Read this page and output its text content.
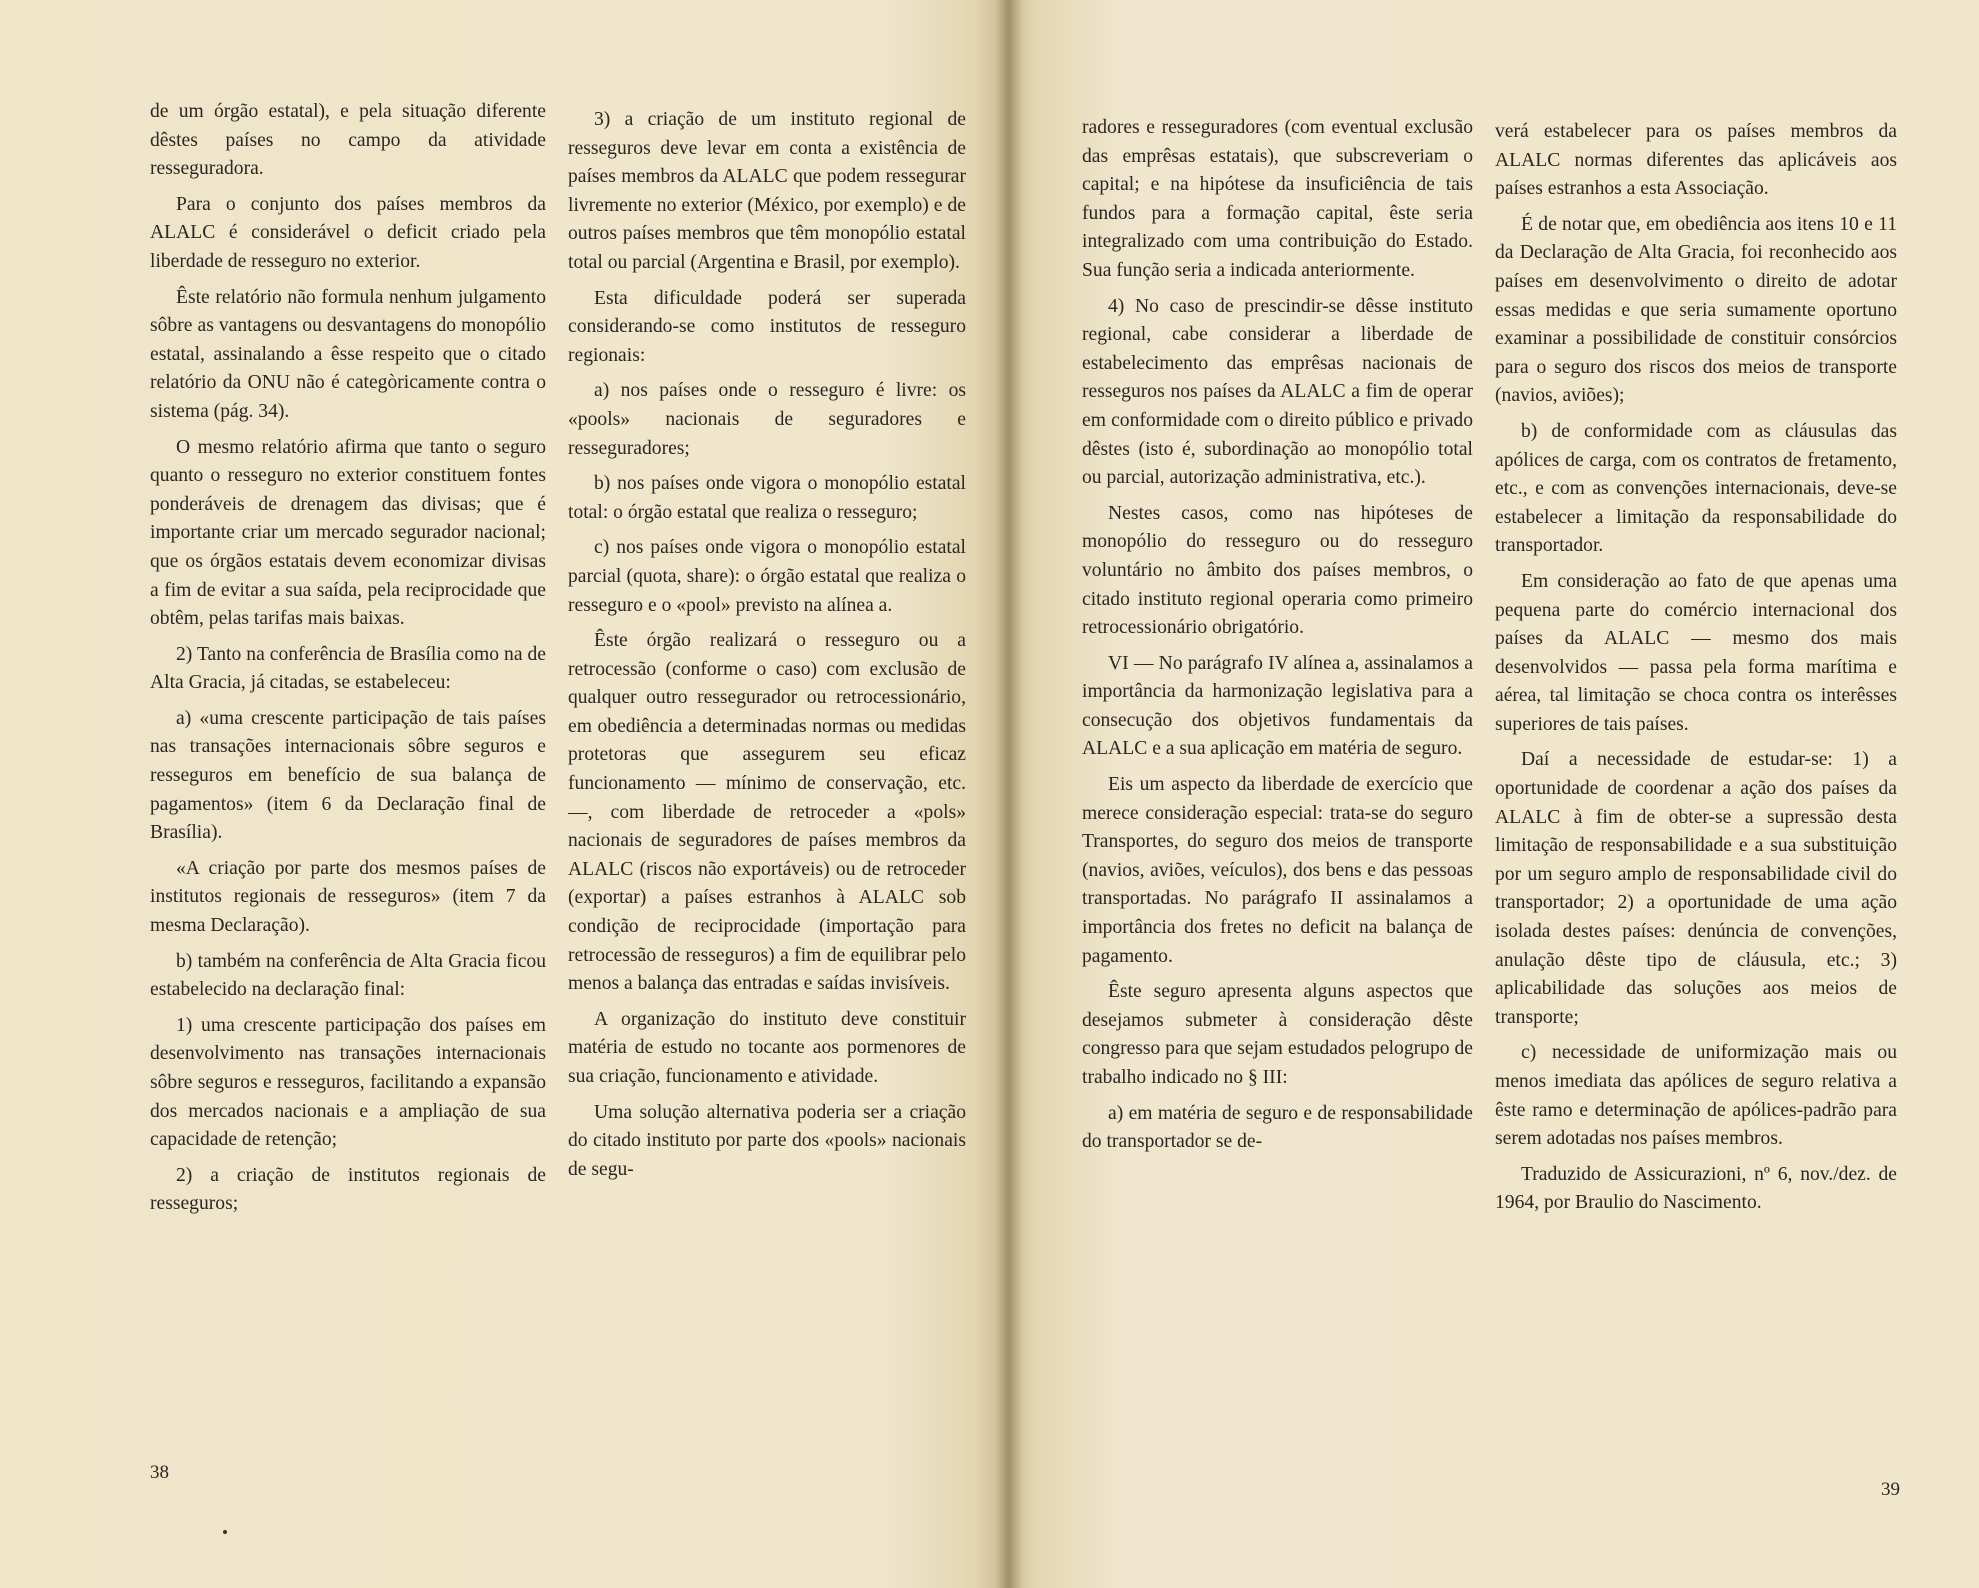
de um órgão estatal), e pela situação diferente dêstes países no campo da atividade resseguradora.

Para o conjunto dos países membros da ALALC é considerável o deficit criado pela liberdade de resseguro no exterior.

Êste relatório não formula nenhum julgamento sôbre as vantagens ou desvantagens do monopólio estatal, assinalando a êsse respeito que o citado relatório da ONU não é categòricamente contra o sistema (pág. 34).

O mesmo relatório afirma que tanto o seguro quanto o resseguro no exterior constituem fontes ponderáveis de drenagem das divisas; que é importante criar um mercado segurador nacional; que os órgãos estatais devem economizar divisas a fim de evitar a sua saída, pela reciprocidade que obtêm, pelas tarifas mais baixas.

2) Tanto na conferência de Brasília como na de Alta Gracia, já citadas, se estabeleceu:

a) «uma crescente participação de tais países nas transações internacionais sôbre seguros e resseguros em benefício de sua balança de pagamentos» (item 6 da Declaração final de Brasília).

«A criação por parte dos mesmos países de institutos regionais de resseguros» (item 7 da mesma Declaração).

b) também na conferência de Alta Gracia ficou estabelecido na declaração final:

1) uma crescente participação dos países em desenvolvimento nas transações internacionais sôbre seguros e resseguros, facilitando a expansão dos mercados nacionais e a ampliação de sua capacidade de retenção;

2) a criação de institutos regionais de resseguros;

3) a criação de um instituto regional de resseguros deve levar em conta a existência de países membros da ALALC que podem ressegurar livremente no exterior (México, por exemplo) e de outros países membros que têm monopólio estatal total ou parcial (Argentina e Brasil, por exemplo).

Esta dificuldade poderá ser superada considerando-se como institutos de resseguro regionais:

a) nos países onde o resseguro é livre: os «pools» nacionais de seguradores e resseguradores;

b) nos países onde vigora o monopólio estatal total: o órgão estatal que realiza o resseguro;

c) nos países onde vigora o monopólio estatal parcial (quota, share): o órgão estatal que realiza o resseguro e o «pool» previsto na alínea a.

Êste órgão realizará o resseguro ou a retrocessão (conforme o caso) com exclusão de qualquer outro ressegurador ou retrocessionário, em obediência a determinadas normas ou medidas protetoras que assegurem seu eficaz funcionamento — mínimo de conservação, etc. —, com liberdade de retroceder a «pols» nacionais de seguradores de países membros da ALALC (riscos não exportáveis) ou de retroceder (exportar) a países estranhos à ALALC sob condição de reciprocidade (importação para retrocessão de resseguros) a fim de equilibrar pelo menos a balança das entradas e saídas invisíveis.

A organização do instituto deve constituir matéria de estudo no tocante aos pormenores de sua criação, funcionamento e atividade.

Uma solução alternativa poderia ser a criação do citado instituto por parte dos «pools» nacionais de segu-

38

radores e resseguradores (com eventual exclusão das emprêsas estatais), que subscreveriam o capital; e na hipótese da insuficiência de tais fundos para a formação capital, êste seria integralizado com uma contribuição do Estado. Sua função seria a indicada anteriormente.

4) No caso de prescindir-se dêsse instituto regional, cabe considerar a liberdade de estabelecimento das emprêsas nacionais de resseguros nos países da ALALC a fim de operar em conformidade com o direito público e privado dêstes (isto é, subordinação ao monopólio total ou parcial, autorização administrativa, etc.).

Nestes casos, como nas hipóteses de monopólio do resseguro ou do resseguro voluntário no âmbito dos países membros, o citado instituto regional operaria como primeiro retrocessionário obrigatório.

VI — No parágrafo IV alínea a, assinalamos a importância da harmonização legislativa para a consecução dos objetivos fundamentais da ALALC e a sua aplicação em matéria de seguro.

Eis um aspecto da liberdade de exercício que merece consideração especial: trata-se do seguro Transportes, do seguro dos meios de transporte (navios, aviões, veículos), dos bens e das pessoas transportadas. No parágrafo II assinalamos a importância dos fretes no deficit na balança de pagamento.

Êste seguro apresenta alguns aspectos que desejamos submeter à consideração dêste congresso para que sejam estudados pelogrupo de trabalho indicado no § III:

a) em matéria de seguro e de responsabilidade do transportador se de-

verá estabelecer para os países membros da ALALC normas diferentes das aplicáveis aos países estranhos a esta Associação.

É de notar que, em obediência aos itens 10 e 11 da Declaração de Alta Gracia, foi reconhecido aos países em desenvolvimento o direito de adotar essas medidas e que seria sumamente oportuno examinar a possibilidade de constituir consórcios para o seguro dos riscos dos meios de transporte (navios, aviões);

b) de conformidade com as cláusulas das apólices de carga, com os contratos de fretamento, etc., e com as convenções internacionais, deve-se estabelecer a limitação da responsabilidade do transportador.

Em consideração ao fato de que apenas uma pequena parte do comércio internacional dos países da ALALC — mesmo dos mais desenvolvidos — passa pela forma marítima e aérea, tal limitação se choca contra os interêsses superiores de tais países.

Daí a necessidade de estudar-se: 1) a oportunidade de coordenar a ação dos países da ALALC à fim de obter-se a supressão desta limitação de responsabilidade e a sua substituição por um seguro amplo de responsabilidade civil do transportador; 2) a oportunidade de uma ação isolada destes países: denúncia de convenções, anulação dêste tipo de cláusula, etc.; 3) aplicabilidade das soluções aos meios de transporte;

c) necessidade de uniformização mais ou menos imediata das apólices de seguro relativa a êste ramo e determinação de apólices-padrão para serem adotadas nos países membros.

Traduzido de Assicurazioni, nº 6, nov./dez. de 1964, por Braulio do Nascimento.

39
